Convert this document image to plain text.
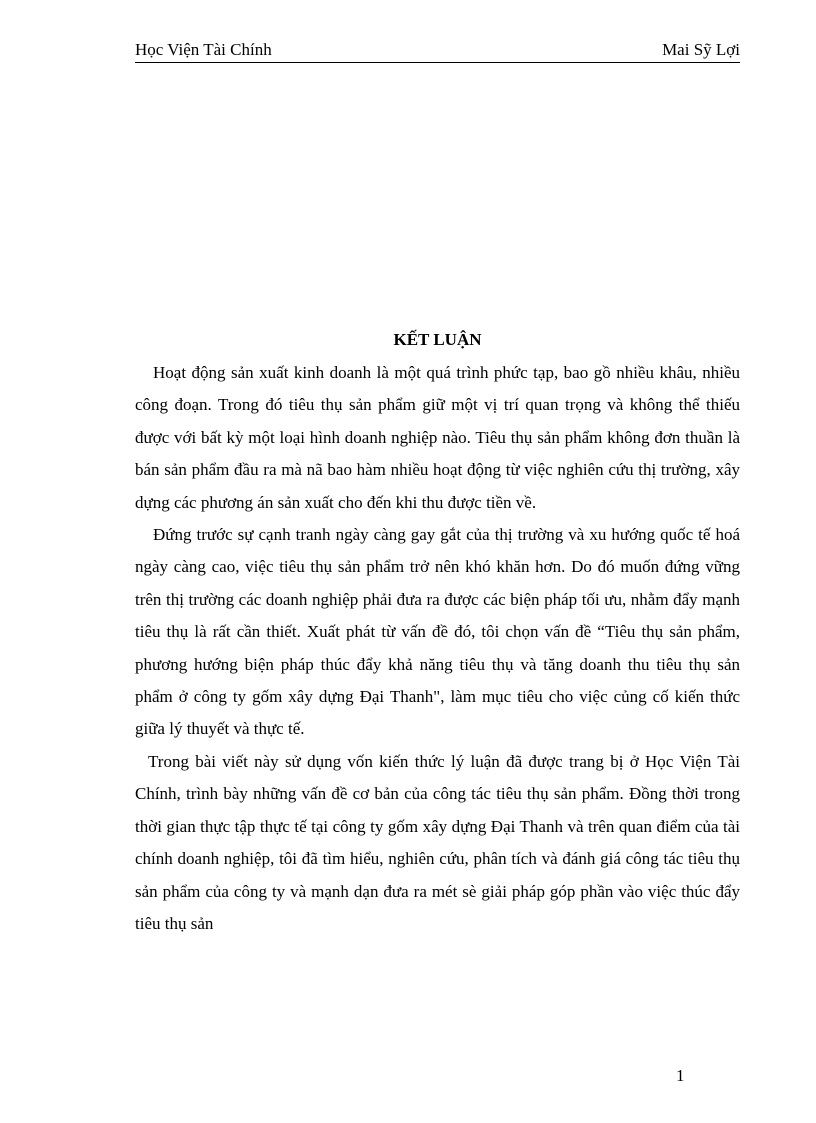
Học Viện Tài Chính	Mai Sỹ Lợi
KẾT LUẬN

Hoạt động sản xuất kinh doanh là một quá trình phức tạp, bao gồ nhiều khâu, nhiều công đoạn. Trong đó tiêu thụ sản phẩm giữ một vị trí quan trọng và không thể thiếu được với bất kỳ một loại hình doanh nghiệp nào. Tiêu thụ sản phẩm không đơn thuần là bán sản phẩm đầu ra mà nã bao hàm nhiều hoạt động từ việc nghiên cứu thị trường, xây dựng các phương án sản xuất cho đến khi thu được tiền về.

Đứng trước sự cạnh tranh ngày càng gay gắt của thị trường và xu hướng quốc tế hoá ngày càng cao, việc tiêu thụ sản phẩm trở nên khó khăn hơn. Do đó muốn đứng vững trên thị trường các doanh nghiệp phải đưa ra được các biện pháp tối ưu, nhằm đẩy mạnh tiêu thụ là rất cần thiết. Xuất phát từ vấn đề đó, tôi chọn vấn đề “Tiêu thụ sản phẩm, phương hướng biện pháp thúc đẩy khả năng tiêu thụ và tăng doanh thu tiêu thụ sản phẩm ở công ty gốm xây dựng Đại Thanh", làm mục tiêu cho việc củng cố kiến thức giữa lý thuyết và thực tế.

Trong bài viết này sử dụng vốn kiến thức lý luận đã được trang bị ở Học Viện Tài Chính, trình bày những vấn đề cơ bản của công tác tiêu thụ sản phẩm. Đồng thời trong thời gian thực tập thực tế tại công ty gốm xây dựng Đại Thanh và trên quan điểm của tài chính doanh nghiệp, tôi đã tìm hiểu, nghiên cứu, phân tích và đánh giá công tác tiêu thụ sản phẩm của công ty và mạnh dạn đưa ra mét sè giải pháp góp phần vào việc thúc đẩy tiêu thụ sản

1
